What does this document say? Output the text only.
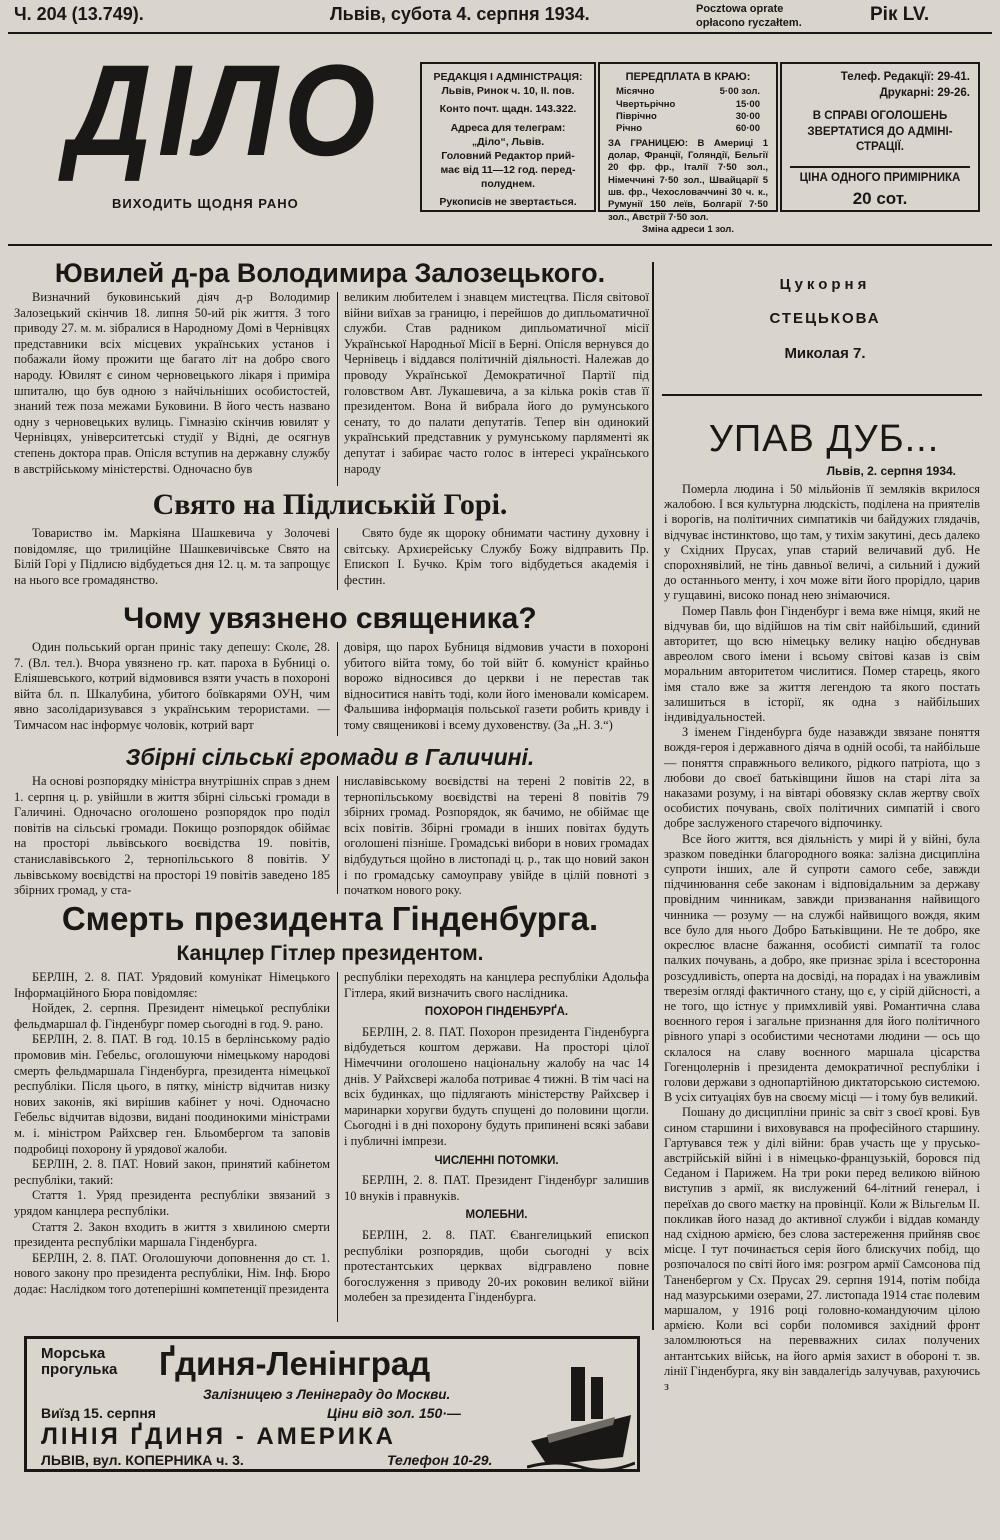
Ч. 204 (13.749).	Львів, субота 4. серпня 1934.	Pocztowa oprate
opłacono ryczałtem.	Рік LV.
ДІЛО
ВИХОДИТЬ ЩОДНЯ РАНО

РЕДАКЦІЯ І АДМІНІСТРАЦІЯ:

Львів, Ринок ч. 10, II. пов.

Конто почт. щадн. 143.322.

Адреса для телеграм:

„Діло“, Львів.

Головний Редактор прий-

має від 11—12 год. перед-

полуднем.

Рукописів не звертається.

ПЕРЕДПЛАТА В КРАЮ:

Місячно	5·00 зол.
Чвертьрічно	15·00
Піврічно	30·00
Річно	60·00

ЗА ГРАНИЦЕЮ: В Америці 1 долар, Франції, Голяндії, Бельгії 20 фр. фр., Італії 7·50 зол., Німеччині 7·50 зол., Швайцарії 5 шв. фр., Чехословаччині 30 ч. к., Румунії 150 леїв, Болгарії 7·50 зол., Австрії 7·50 зол.

Зміна адреси 1 зол.

Телеф. Редакції: 29-41.

Друкарні: 29-26.

В СПРАВІ ОГОЛОШЕНЬ

ЗВЕРТАТИСЯ ДО АДМІНІ-

СТРАЦІЇ.

ЦІНА ОДНОГО ПРИМІРНИКА

20 сот.

Ювилей д-ра Володимира Залозецького.

Визначний буковинський діяч д-р Володимир Залозецький скінчив 18. липня 50-ий рік життя. З того приводу 27. м. м. зібралися в Народному Домі в Чернівцях представники всіх місцевих українських установ і побажали йому прожити ще багато літ на добро свого народу. Ювилят є сином черновецького лікаря і приміра шпиталю, що був одною з найчільніших особистостей, знаний теж поза межами Буковини. В його честь названо одну з черновецьких вулиць. Гімназію скінчив ювилят у Чернівцях, університетські студії у Відні, де осягнув степень доктора прав. Опісля вступив на державну службу в австрійському міністерстві. Одночасно був

великим любителем і знавцем мистецтва. Після світової війни виїхав за границю, і перейшов до дипльоматичної служби. Став радником дипльоматичної місії Української Народньої Місії в Берні. Опісля вернувся до Чернівець і віддався політичній діяльності. Належав до проводу Української Демократичної Партії під головством Авт. Лукашевича, а за кілька років став її президентом. Вона й вибрала його до румунського сенату, то до палати депутатів. Тепер він одинокий український представник у румунському парляменті як депутат і забирає часто голос в інтересі українського народу

Свято на Підлиській Горі.

Товариство ім. Маркіяна Шашкевича у Золочеві повідомляє, що трилиційне Шашкевичівське Свято на Білій Горі у Підлисю відбудеться дня 12. ц. м. та запрощує на нього все громадянство.

Свято буде як щороку обнимати частину духовну і світську. Архиєрейську Службу Божу відправить Пр. Епископ І. Бучко. Крім того відбудеться академія і фестин.

Чому увязнено священика?

Один польський орган приніс таку депешу: Сколє, 28. 7. (Вл. тел.). Вчора увязнено гр. кат. пароха в Бубниці о. Еліяшевського, котрий відмовився взяти участь в похороні війта бл. п. Шкалубина, убитого боївкарями ОУН, чим явно засолідаризувався з українським терористами. — Тимчасом нас інформує чоловік, котрий варт

довіря, що парох Бубниця відмовив участи в похороні убитого війта тому, бо той війт б. комуніст крайньо ворожо відносився до церкви і не перестав так відноситися навіть тоді, коли його іменовали комісарем. Фальшива інформація польської газети робить кривду і тому священикові і всему духовенству. (За „Н. З.“)

Збірні сільські громади в Галичині.

На основі розпорядку міністра внутрішніх справ з днем 1. серпня ц. р. увійшли в життя збірні сільські громади в Галичині. Одночасно оголошено розпорядок про поділ повітів на сільські громади. Покищо розпорядок обіймає на просторі львівського воєвідства 19. повітів, станиславівського 2, тернопільського 8 повітів. У львівському воєвідстві на просторі 19 повітів заведено 185 збірних громад, у ста-

ниславівському воєвідстві на терені 2 повітів 22, в тернопільському воєвідстві на терені 8 повітів 79 збірних громад. Розпорядок, як бачимо, не обіймає ще всіх повітів. Збірні громади в інших повітах будуть оголошені пізніше. Громадські вибори в нових громадах відбудуться щойно в листопаді ц. р., так що новий закон і по громадську самоуправу увійде в цілій повноті з початком нового року.

Смерть президента Гінденбурга.
Канцлер Гітлер президентом.

БЕРЛІН, 2. 8. ПАТ. Урядовий комунікат Німецького Інформаційного Бюра повідомляє:

Нойдек, 2. серпня. Президент німецької республіки фельдмаршал ф. Гінденбург помер сьогодні в год. 9. рано.

БЕРЛІН, 2. 8. ПАТ. В год. 10.15 в берлінському радіо промовив мін. Гебельс, оголошуючи німецькому народові смерть фельдмаршала Гінденбурга, президента німецької республіки. Після цього, в пятку, міністр відчитав низку нових законів, які вирішив кабінет у ночі. Одночасно Гебельс відчитав відозви, видані поодинокими міністрами м. і. міністром Райхсвер ген. Бльомбергом та заповів подробиці похорону й урядової жалоби.

БЕРЛІН, 2. 8. ПАТ. Новий закон, принятий кабінетом республіки, такий:

Стаття 1. Уряд президента республіки звязаний з урядом канцлера республіки.

Стаття 2. Закон входить в життя з хвилиною смерти президента республіки маршала Гінденбурга.

БЕРЛІН, 2. 8. ПАТ. Оголошуючи доповнення до ст. 1. нового закону про президента республіки, Нім. Інф. Бюро додає: Наслідком того дотеперішні компетенції президента

республіки переходять на канцлера республіки Адольфа Гітлера, який визначить свого наслідника.

ПОХОРОН ГІНДЕНБУРҐА.

БЕРЛІН, 2. 8. ПАТ. Похорон президента Гінденбурга відбудеться коштом держави. На просторі цілої Німеччини оголошено національну жалобу на час 14 днів. У Райхсвері жалоба потриває 4 тижні. В тім часі на всіх будинках, що підлягають міністерству Райхсвер і маринарки хоругви будуть спущені до половини щогли. Сьогодні і в дні похорону будуть припинені всякі забави і публичні імпрези.

ЧИСЛЕННІ ПОТОМКИ.

БЕРЛІН, 2. 8. ПАТ. Президент Гінденбург залишив 10 внуків і правнуків.

МОЛЕБНИ.

БЕРЛІН, 2. 8. ПАТ. Євангелицький епископ республіки розпорядив, щоби сьогодні у всіх протестантських церквах відгравлено повне богослуження з приводу 20-их роковин великої війни молебен за президента Гінденбурга.

Цукорня
СТЕЦЬКОВА
Миколая 7.
УПАВ ДУБ...
Львів, 2. серпня 1934.

Померла людина і 50 мільйонів її земляків вкрилося жалобою. І вся культурна людскість, поділена на приятелів і ворогів, на політичних симпатиків чи байдужих глядачів, відчуває інстинктово, що там, у тихім закутині, десь далеко у Східних Прусах, упав старий величавий дуб. Не спорохнявілий, не тінь давньої величі, а сильний і дужий до останнього менту, і хоч може віти його прорідло, царив у гущавині, високо понад нею знімаючися.

Помер Павль фон Гінденбург і вема вже німця, який не відчував би, що відійшов на тім світ найбільший, єдиний авторитет, що всю німецьку велику націю обєднував авреолом свого імени і всьому світові казав із свім моральним авторитетом числитися. Помер старець, якого імя стало вже за життя легендою та якого постать залишиться в історії, як одна з найбільших індивідуальностей.

З іменем Гінденбурга буде назавжди звязане поняття вождя-героя і державного діяча в одній особі, та найбільше — поняття справжнього великого, рідкого патріота, що з любови до своєї батьківщини йшов на старі літа за наказами розуму, і на вівтарі обовязку склав жертву своїх особистих почувань, своїх політичних симпатій і свого добре заслуженого старечого відпочинку.

Все його життя, вся діяльність у мирі й у війні, була зразком поведінки благородного вояка: залізна дисципліна супроти інших, але й супроти самого себе, завжди підчинювання себе законам і відповідальним за державу провідним чинникам, завжди призванання найвищого чинника — розуму — на службі найвищого вождя, яким все було для нього Добро Батьківщини. Не те добро, яке окреслює власне бажання, особисті симпатії та голос палких почувань, а добро, яке признає зріла і всесторонна розсудливість, оперта на досвіді, на порадах і на уважливім тверезім огляді фактичного стану, що є, у сірій дійсності, а не того, що істнує у примхливій уяві. Романтична слава воєнного героя і загальне признання для його політичного рівного упарі з особистими чеснотами людини — ось що склалося на славу воєнного маршала цісарства Гогенцолернів і президента демократичної республіки і голови держави з однопартійною диктаторською системою. В усіх ситуаціях був на своєму місці — і тому був великий.

Пошану до дисципліни приніс за світ з своєї крові. Був сином старшини і виховувався на професійного старшину. Гартувався теж у ділі війни: брав участь ще у прусько-австрійській війні і в німецько-французькій, боровся під Седаном і Парижем. На три роки перед великою війною виступив з армії, як вислужений 64-літний генерал, і переїхав до свого маєтку на провінції. Коли ж Вільгельм II. покликав його назад до активної служби і віддав команду над східною армією, без слова застереження прийняв своє місце. І тут починається серія його блискучих побід, що розпочалося по світі його імя: розгром армії Самсонова під Таненбергом у Сх. Прусах 29. серпня 1914, потім побіда над мазурськими озерами, 27. листопада 1914 стає полевим маршалом, у 1916 році головно-командуючим цілою армією. Коли всі сорби поломився західний фронт заломлюються на перевважних силах получених антантських військ, на його армія захист в обороні т. зв. лінії Гінденбурга, яку він завдалегідь залучував, рахуючись з

Морська
прогулька Ґдиня-Ленінград
Залізницею з Ленінграду до Москви.
Виїзд 15. серпня	Ціни від зол. 150·—
ЛІНІЯ ҐДИНЯ - АМЕРИКА
ЛЬВІВ, вул. КОПЕРНИКА ч. 3.	Телефон 10-29.
